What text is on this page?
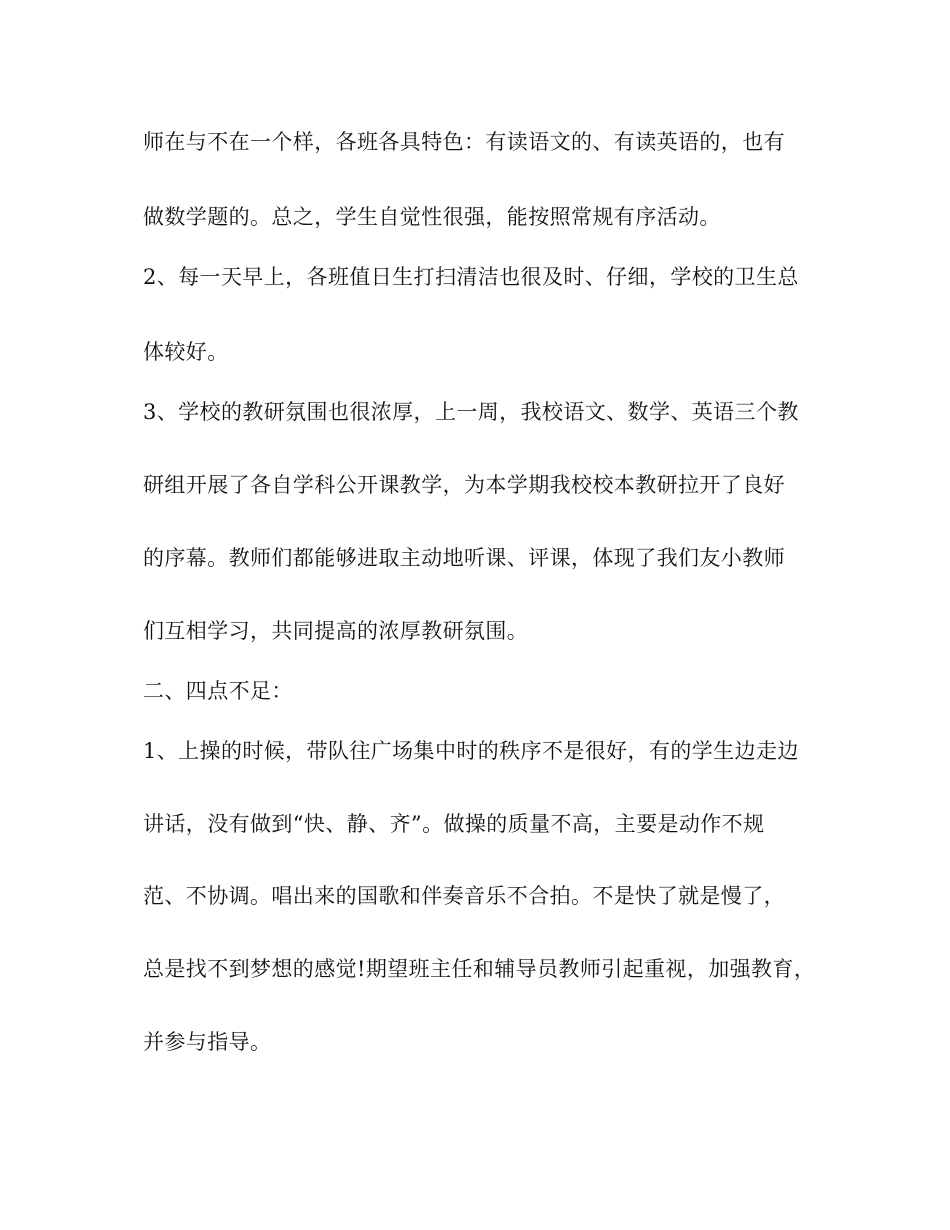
师在与不在一个样，各班各具特色：有读语文的、有读英语的，也有
做数学题的。总之，学生自觉性很强，能按照常规有序活动。
2、每一天早上，各班值日生打扫清洁也很及时、仔细，学校的卫生总
体较好。
3、学校的教研氛围也很浓厚，上一周，我校语文、数学、英语三个教
研组开展了各自学科公开课教学，为本学期我校校本教研拉开了良好
的序幕。教师们都能够进取主动地听课、评课，体现了我们友小教师
们互相学习，共同提高的浓厚教研氛围。
二、四点不足：
1、上操的时候，带队往广场集中时的秩序不是很好，有的学生边走边
讲话，没有做到“快、静、齐”。做操的质量不高，主要是动作不规
范、不协调。唱出来的国歌和伴奏音乐不合拍。不是快了就是慢了，
总是找不到梦想的感觉!期望班主任和辅导员教师引起重视，加强教育，
并参与指导。
